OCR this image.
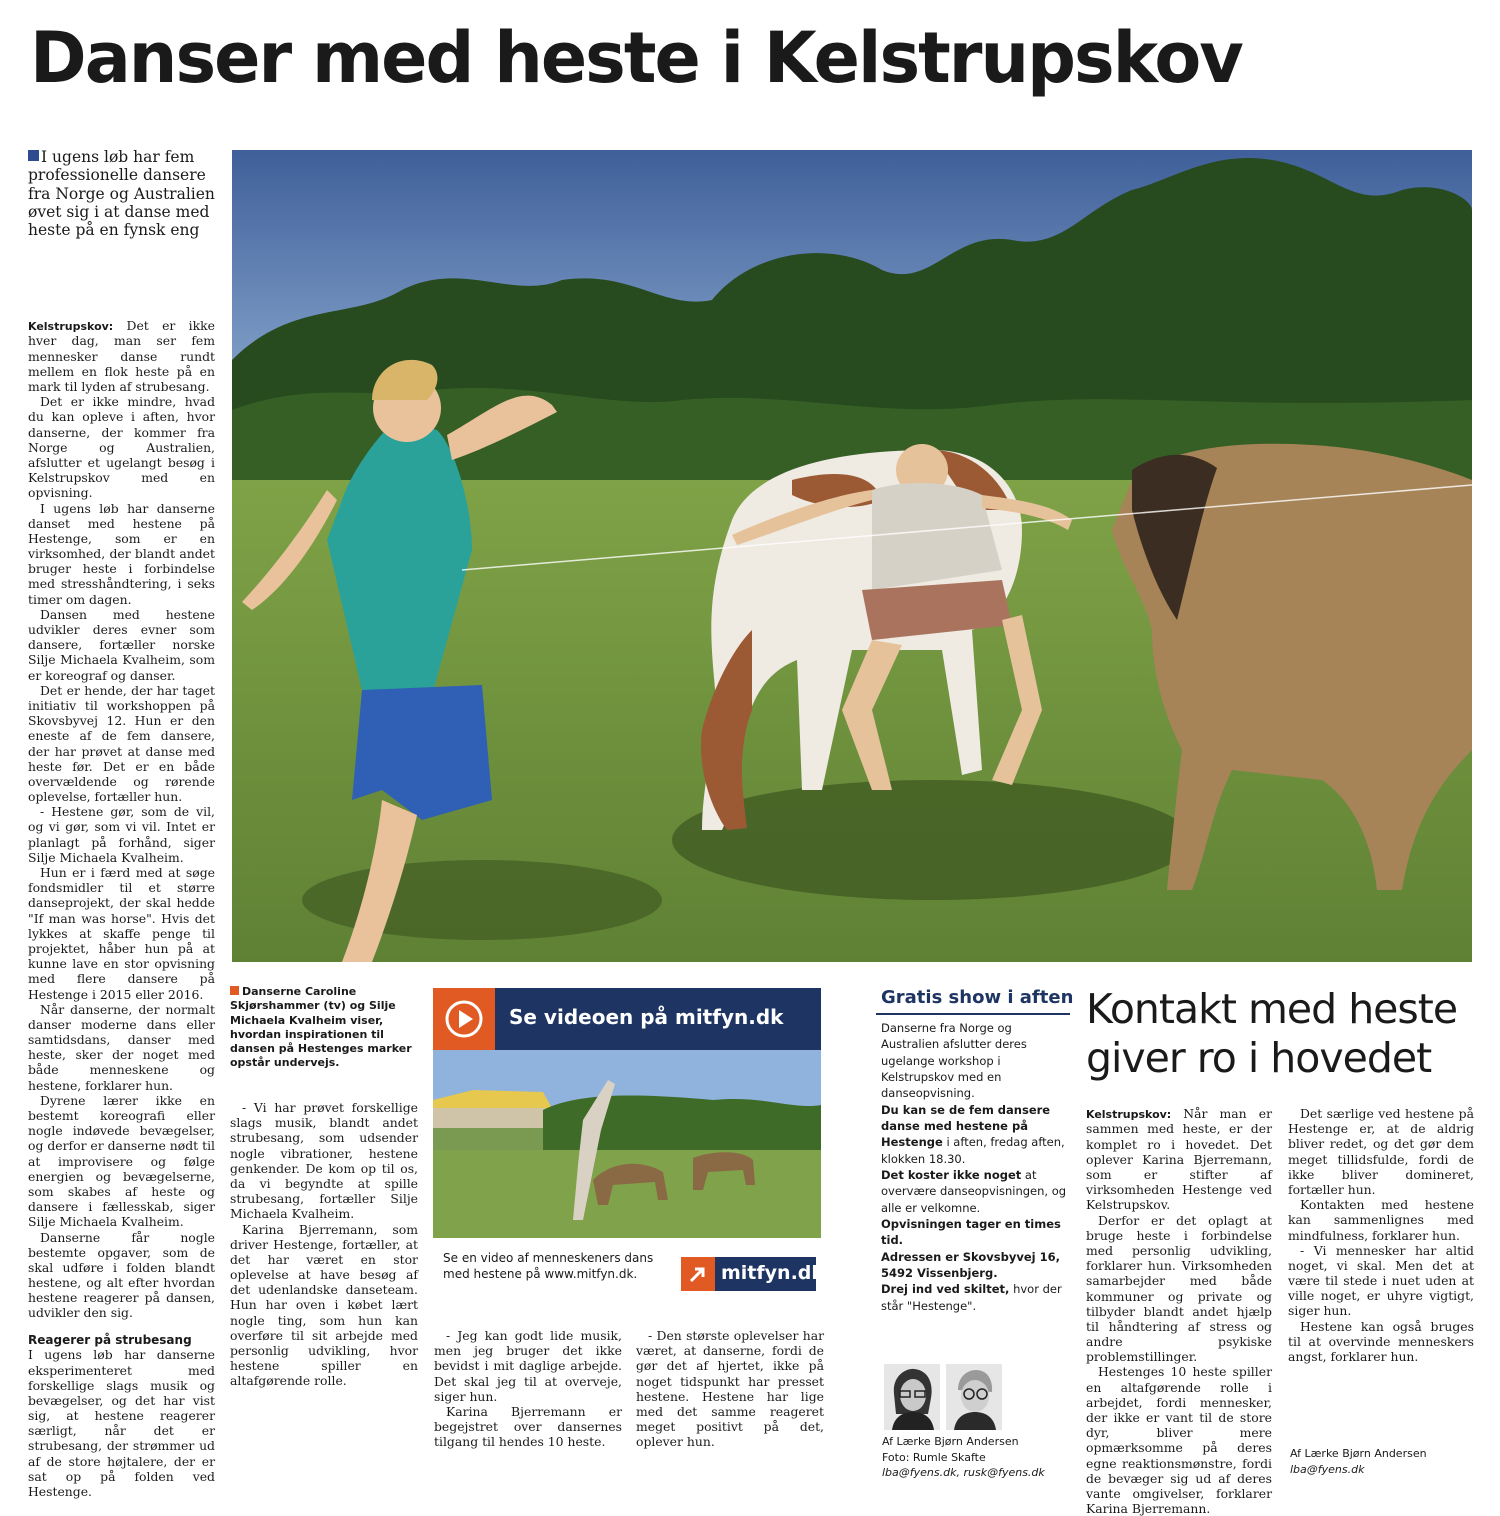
Danser med heste i Kelstrupskov
I ugens løb har fem professionelle dansere fra Norge og Australien øvet sig i at danse med heste på en fynsk eng

Kelstrupskov: Det er ikke hver dag, man ser fem mennesker danse rundt mellem en flok heste på en mark til lyden af strubesang.

Det er ikke mindre, hvad du kan opleve i aften, hvor danserne, der kommer fra Norge og Australien, afslutter et ugelangt besøg i Kelstrupskov med en opvisning.

I ugens løb har danserne danset med hestene på Hestenge, som er en virksomhed, der blandt andet bruger heste i forbindelse med stresshåndtering, i seks timer om dagen.

Dansen med hestene udvikler deres evner som dansere, fortæller norske Silje Michaela Kvalheim, som er koreograf og danser.

Det er hende, der har taget initiativ til workshoppen på Skovsbyvej 12. Hun er den eneste af de fem dansere, der har prøvet at danse med heste før. Det er en både overvældende og rørende oplevelse, fortæller hun.

- Hestene gør, som de vil, og vi gør, som vi vil. Intet er planlagt på forhånd, siger Silje Michaela Kvalheim.

Hun er i færd med at søge fondsmidler til et større danseprojekt, der skal hedde "If man was horse". Hvis det lykkes at skaffe penge til projektet, håber hun på at kunne lave en stor opvisning med flere dansere på Hestenge i 2015 eller 2016.

Når danserne, der normalt danser moderne dans eller samtidsdans, danser med heste, sker der noget med både menneskene og hestene, forklarer hun.

Dyrene lærer ikke en bestemt koreografi eller nogle indøvede bevægelser, og derfor er danserne nødt til at improvisere og følge energien og bevægelserne, som skabes af heste og dansere i fællesskab, siger Silje Michaela Kvalheim.

Danserne får nogle bestemte opgaver, som de skal udføre i folden blandt hestene, og alt efter hvordan hestene reagerer på dansen, udvikler den sig.

Reagerer på strubesang

I ugens løb har danserne eksperimenteret med forskellige slags musik og bevægelser, og det har vist sig, at hestene reagerer særligt, når det er strubesang, der strømmer ud af de store højtalere, der er sat op på folden ved Hestenge.

Danserne Caroline Skjørshammer (tv) og Silje Michaela Kvalheim viser, hvordan inspirationen til dansen på Hestenges marker opstår undervejs.

- Vi har prøvet forskellige slags musik, blandt andet strubesang, som udsender nogle vibrationer, hestene genkender. De kom op til os, da vi begyndte at spille strubesang, fortæller Silje Michaela Kvalheim.

Karina Bjerremann, som driver Hestenge, fortæller, at det har været en stor oplevelse at have besøg af det udenlandske danseteam. Hun har oven i købet lært nogle ting, som hun kan overføre til sit arbejde med personlig udvikling, hvor hestene spiller en altafgørende rolle.

Se videoen på mitfyn.dk
Se en video af menneskeners dans med hestene på www.mitfyn.dk.	mitfyn.dk

- Jeg kan godt lide musik, men jeg bruger det ikke bevidst i mit daglige arbejde. Det skal jeg til at overveje, siger hun.

Karina Bjerremann er begejstret over dansernes tilgang til hendes 10 heste.

- Den største oplevelser har været, at danserne, fordi de gør det af hjertet, ikke på noget tidspunkt har presset hestene. Hestene har lige med det samme reageret meget positivt på det, oplever hun.

Gratis show i aften

Danserne fra Norge og Australien afslutter deres ugelange workshop i Kelstrupskov med en danseopvisning.

Du kan se de fem dansere danse med hestene på Hestenge i aften, fredag aften, klokken 18.30.

Det koster ikke noget at overvære danseopvisningen, og alle er velkomne.

Opvisningen tager en times tid.

Adressen er Skovsbyvej 16, 5492 Vissenbjerg.

Drej ind ved skiltet, hvor der står "Hestenge".

Af Lærke Bjørn Andersen
Foto: Rumle Skafte
lba@fyens.dk, rusk@fyens.dk
Kontakt med heste giver ro i hovedet

Kelstrupskov: Når man er sammen med heste, er der komplet ro i hovedet. Det oplever Karina Bjerremann, som er stifter af virksomheden Hestenge ved Kelstrupskov.

Derfor er det oplagt at bruge heste i forbindelse med personlig udvikling, forklarer hun. Virksomheden samarbejder med både kommuner og private og tilbyder blandt andet hjælp til håndtering af stress og andre psykiske problemstillinger.

Hestenges 10 heste spiller en altafgørende rolle i arbejdet, fordi mennesker, der ikke er vant til de store dyr, bliver mere opmærksomme på deres egne reaktionsmønstre, fordi de bevæger sig ud af deres vante omgivelser, forklarer Karina Bjerremann.

Det særlige ved hestene på Hestenge er, at de aldrig bliver redet, og det gør dem meget tillidsfulde, fordi de ikke bliver domineret, fortæller hun.

Kontakten med hestene kan sammenlignes med mindfulness, forklarer hun.

- Vi mennesker har altid noget, vi skal. Men det at være til stede i nuet uden at ville noget, er uhyre vigtigt, siger hun.

Hestene kan også bruges til at overvinde menneskers angst, forklarer hun.

Af Lærke Bjørn Andersen
lba@fyens.dk
